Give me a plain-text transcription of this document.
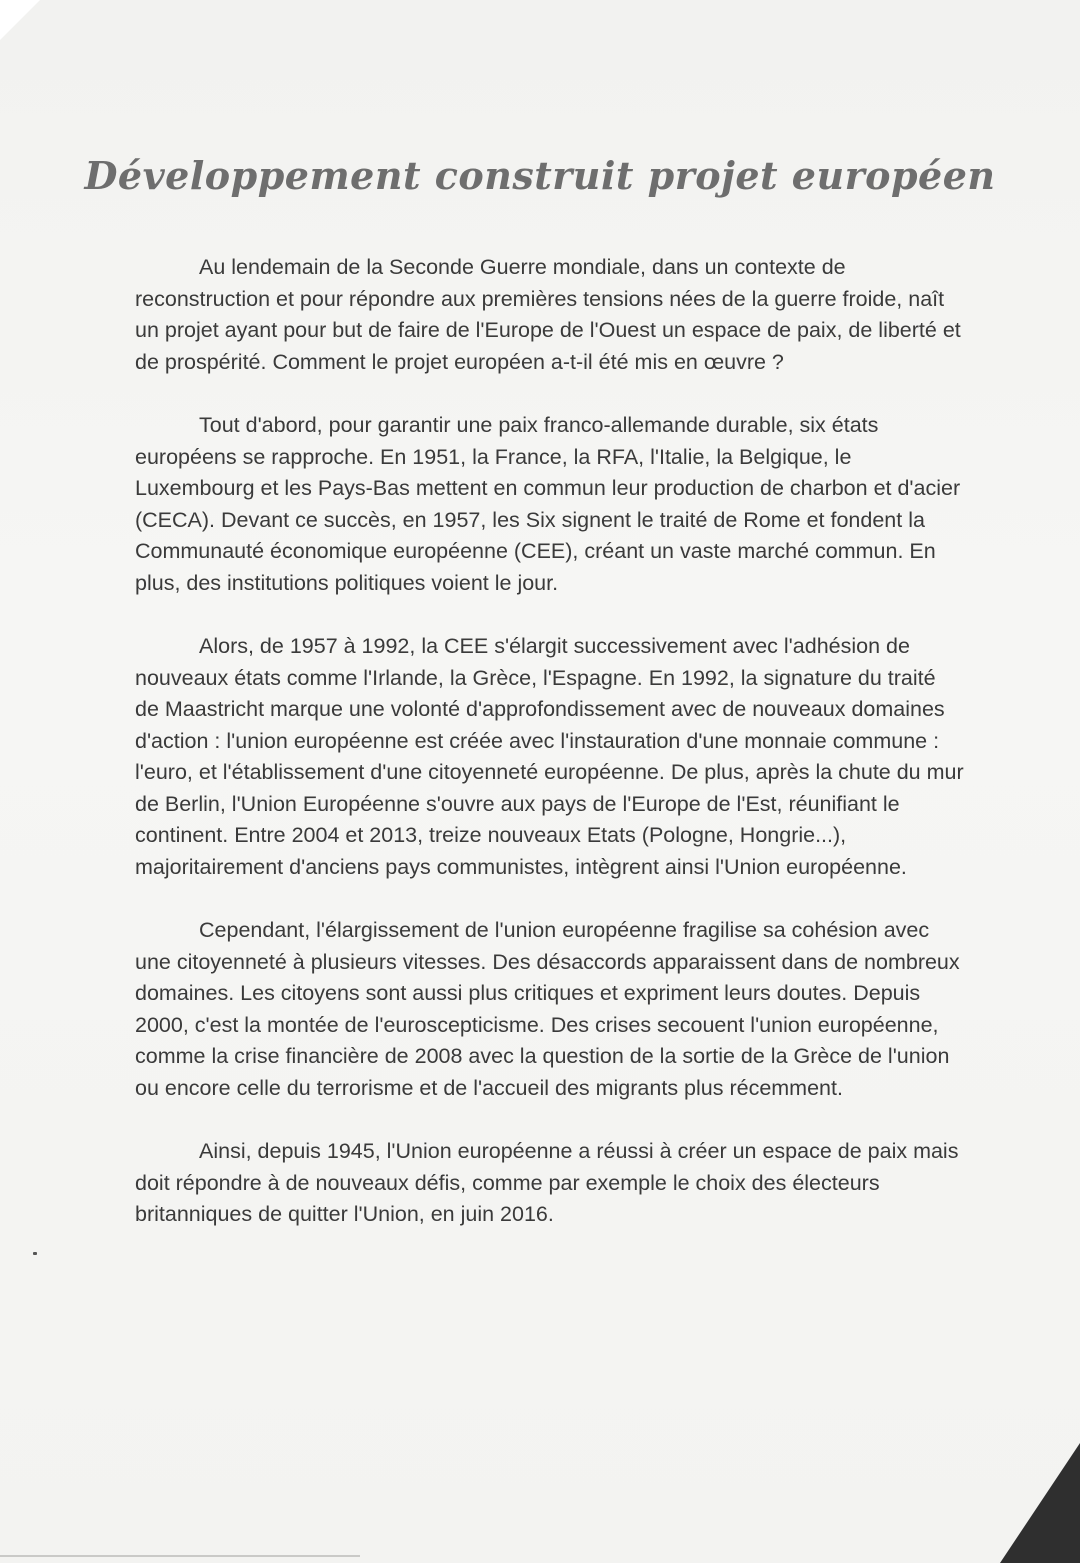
Développement construit projet européen

Au lendemain de la Seconde Guerre mondiale, dans un contexte de reconstruction et pour répondre aux premières tensions nées de la guerre froide, naît un projet ayant pour but de faire de l'Europe de l'Ouest un espace de paix, de liberté et de prospérité. Comment le projet européen a-t-il été mis en œuvre ?

Tout d'abord, pour garantir une paix franco-allemande durable, six états européens se rapproche. En 1951, la France, la RFA, l'Italie, la Belgique, le Luxembourg et les Pays-Bas mettent en commun leur production de charbon et d'acier (CECA). Devant ce succès, en 1957, les Six signent le traité de Rome et fondent la Communauté économique européenne (CEE), créant un vaste marché commun. En plus, des institutions politiques voient le jour.

Alors, de 1957 à 1992, la CEE s'élargit successivement avec l'adhésion de nouveaux états comme l'Irlande, la Grèce, l'Espagne. En 1992, la signature du traité de Maastricht marque une volonté d'approfondissement avec de nouveaux domaines d'action : l'union européenne est créée avec l'instauration d'une monnaie commune : l'euro, et l'établissement d'une citoyenneté européenne. De plus, après la chute du mur de Berlin, l'Union Européenne s'ouvre aux pays de l'Europe de l'Est, réunifiant le continent. Entre 2004 et 2013, treize nouveaux Etats (Pologne, Hongrie...), majoritairement d'anciens pays communistes, intègrent ainsi l'Union européenne.

Cependant, l'élargissement de l'union européenne fragilise sa cohésion avec une citoyenneté à plusieurs vitesses. Des désaccords apparaissent dans de nombreux domaines. Les citoyens sont aussi plus critiques et expriment leurs doutes. Depuis 2000, c'est la montée de l'euroscepticisme. Des crises secouent l'union européenne, comme la crise financière de 2008 avec la question de la sortie de la Grèce de l'union ou encore celle du terrorisme et de l'accueil des migrants plus récemment.

Ainsi, depuis 1945, l'Union européenne a réussi à créer un espace de paix mais doit répondre à de nouveaux défis, comme par exemple le choix des électeurs britanniques de quitter l'Union, en juin 2016.
